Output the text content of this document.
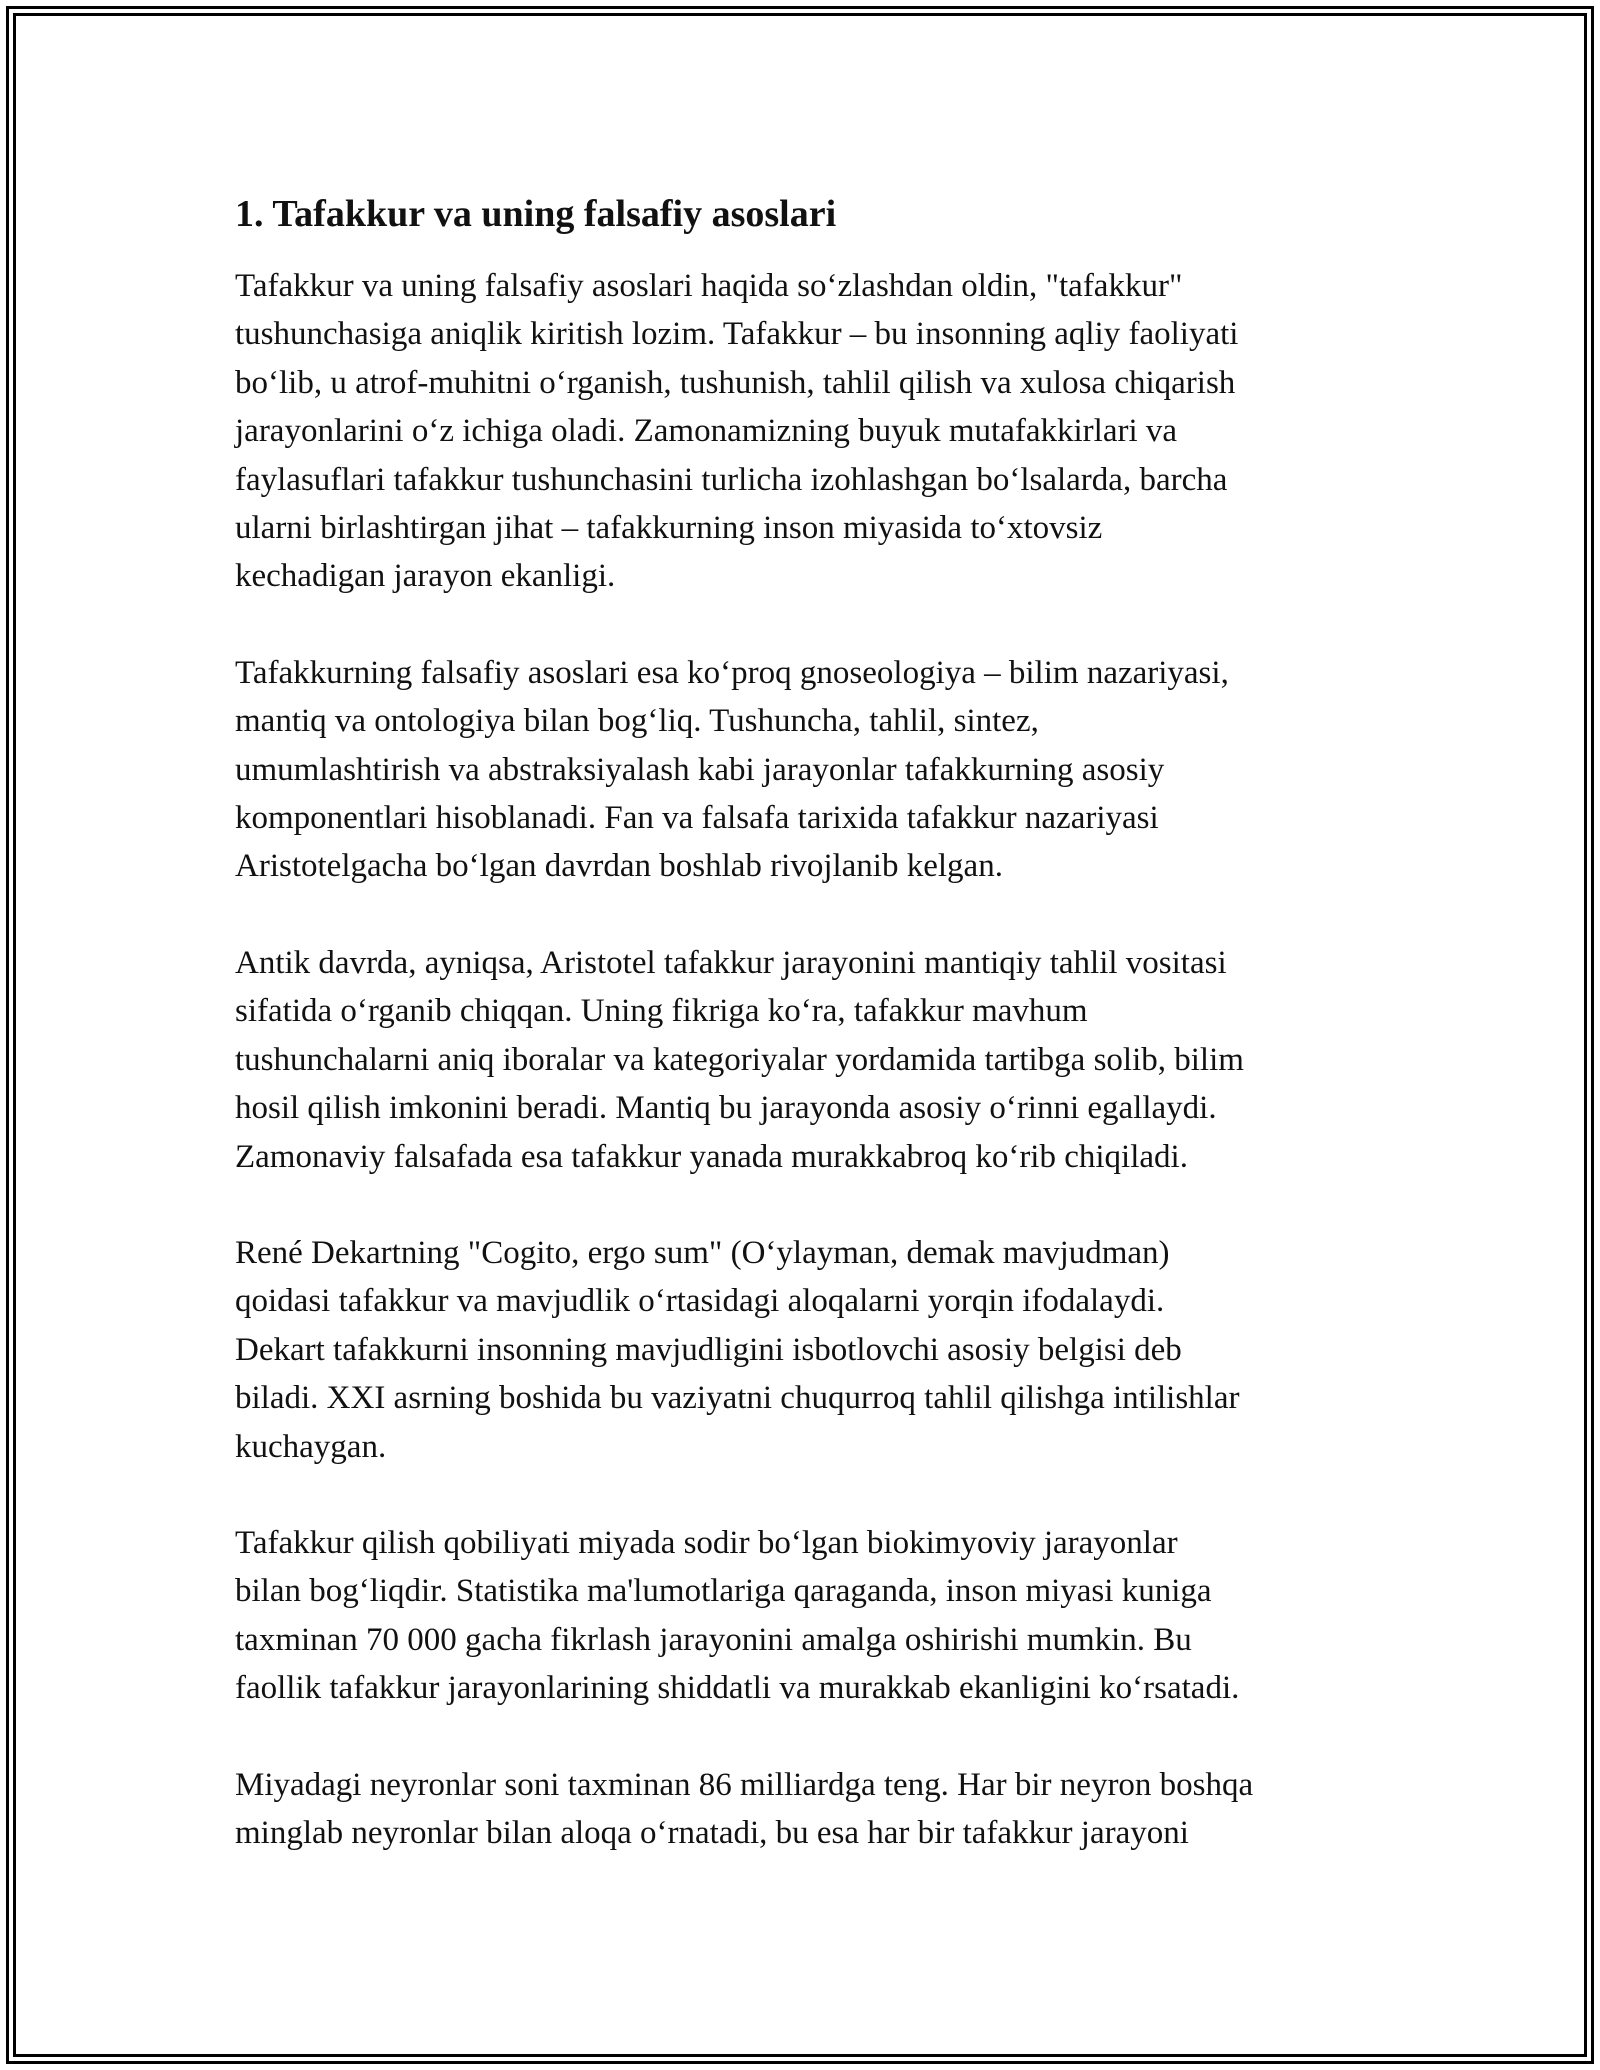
1. Tafakkur va uning falsafiy asoslari

Tafakkur va uning falsafiy asoslari haqida so‘zlashdan oldin, "tafakkur"
tushunchasiga aniqlik kiritish lozim. Tafakkur – bu insonning aqliy faoliyati
bo‘lib, u atrof-muhitni o‘rganish, tushunish, tahlil qilish va xulosa chiqarish
jarayonlarini o‘z ichiga oladi. Zamonamizning buyuk mutafakkirlari va
faylasuflari tafakkur tushunchasini turlicha izohlashgan bo‘lsalarda, barcha
ularni birlashtirgan jihat – tafakkurning inson miyasida to‘xtovsiz
kechadigan jarayon ekanligi.

Tafakkurning falsafiy asoslari esa ko‘proq gnoseologiya – bilim nazariyasi,
mantiq va ontologiya bilan bog‘liq. Tushuncha, tahlil, sintez,
umumlashtirish va abstraksiyalash kabi jarayonlar tafakkurning asosiy
komponentlari hisoblanadi. Fan va falsafa tarixida tafakkur nazariyasi
Aristotelgacha bo‘lgan davrdan boshlab rivojlanib kelgan.

Antik davrda, ayniqsa, Aristotel tafakkur jarayonini mantiqiy tahlil vositasi
sifatida o‘rganib chiqqan. Uning fikriga ko‘ra, tafakkur mavhum
tushunchalarni aniq iboralar va kategoriyalar yordamida tartibga solib, bilim
hosil qilish imkonini beradi. Mantiq bu jarayonda asosiy o‘rinni egallaydi.
Zamonaviy falsafada esa tafakkur yanada murakkabroq ko‘rib chiqiladi.

René Dekartning "Cogito, ergo sum" (O‘ylayman, demak mavjudman)
qoidasi tafakkur va mavjudlik o‘rtasidagi aloqalarni yorqin ifodalaydi.
Dekart tafakkurni insonning mavjudligini isbotlovchi asosiy belgisi deb
biladi. XXI asrning boshida bu vaziyatni chuqurroq tahlil qilishga intilishlar
kuchaygan.

Tafakkur qilish qobiliyati miyada sodir bo‘lgan biokimyoviy jarayonlar
bilan bog‘liqdir. Statistika ma'lumotlariga qaraganda, inson miyasi kuniga
taxminan 70 000 gacha fikrlash jarayonini amalga oshirishi mumkin. Bu
faollik tafakkur jarayonlarining shiddatli va murakkab ekanligini ko‘rsatadi.

Miyadagi neyronlar soni taxminan 86 milliardga teng. Har bir neyron boshqa
minglab neyronlar bilan aloqa o‘rnatadi, bu esa har bir tafakkur jarayoni
